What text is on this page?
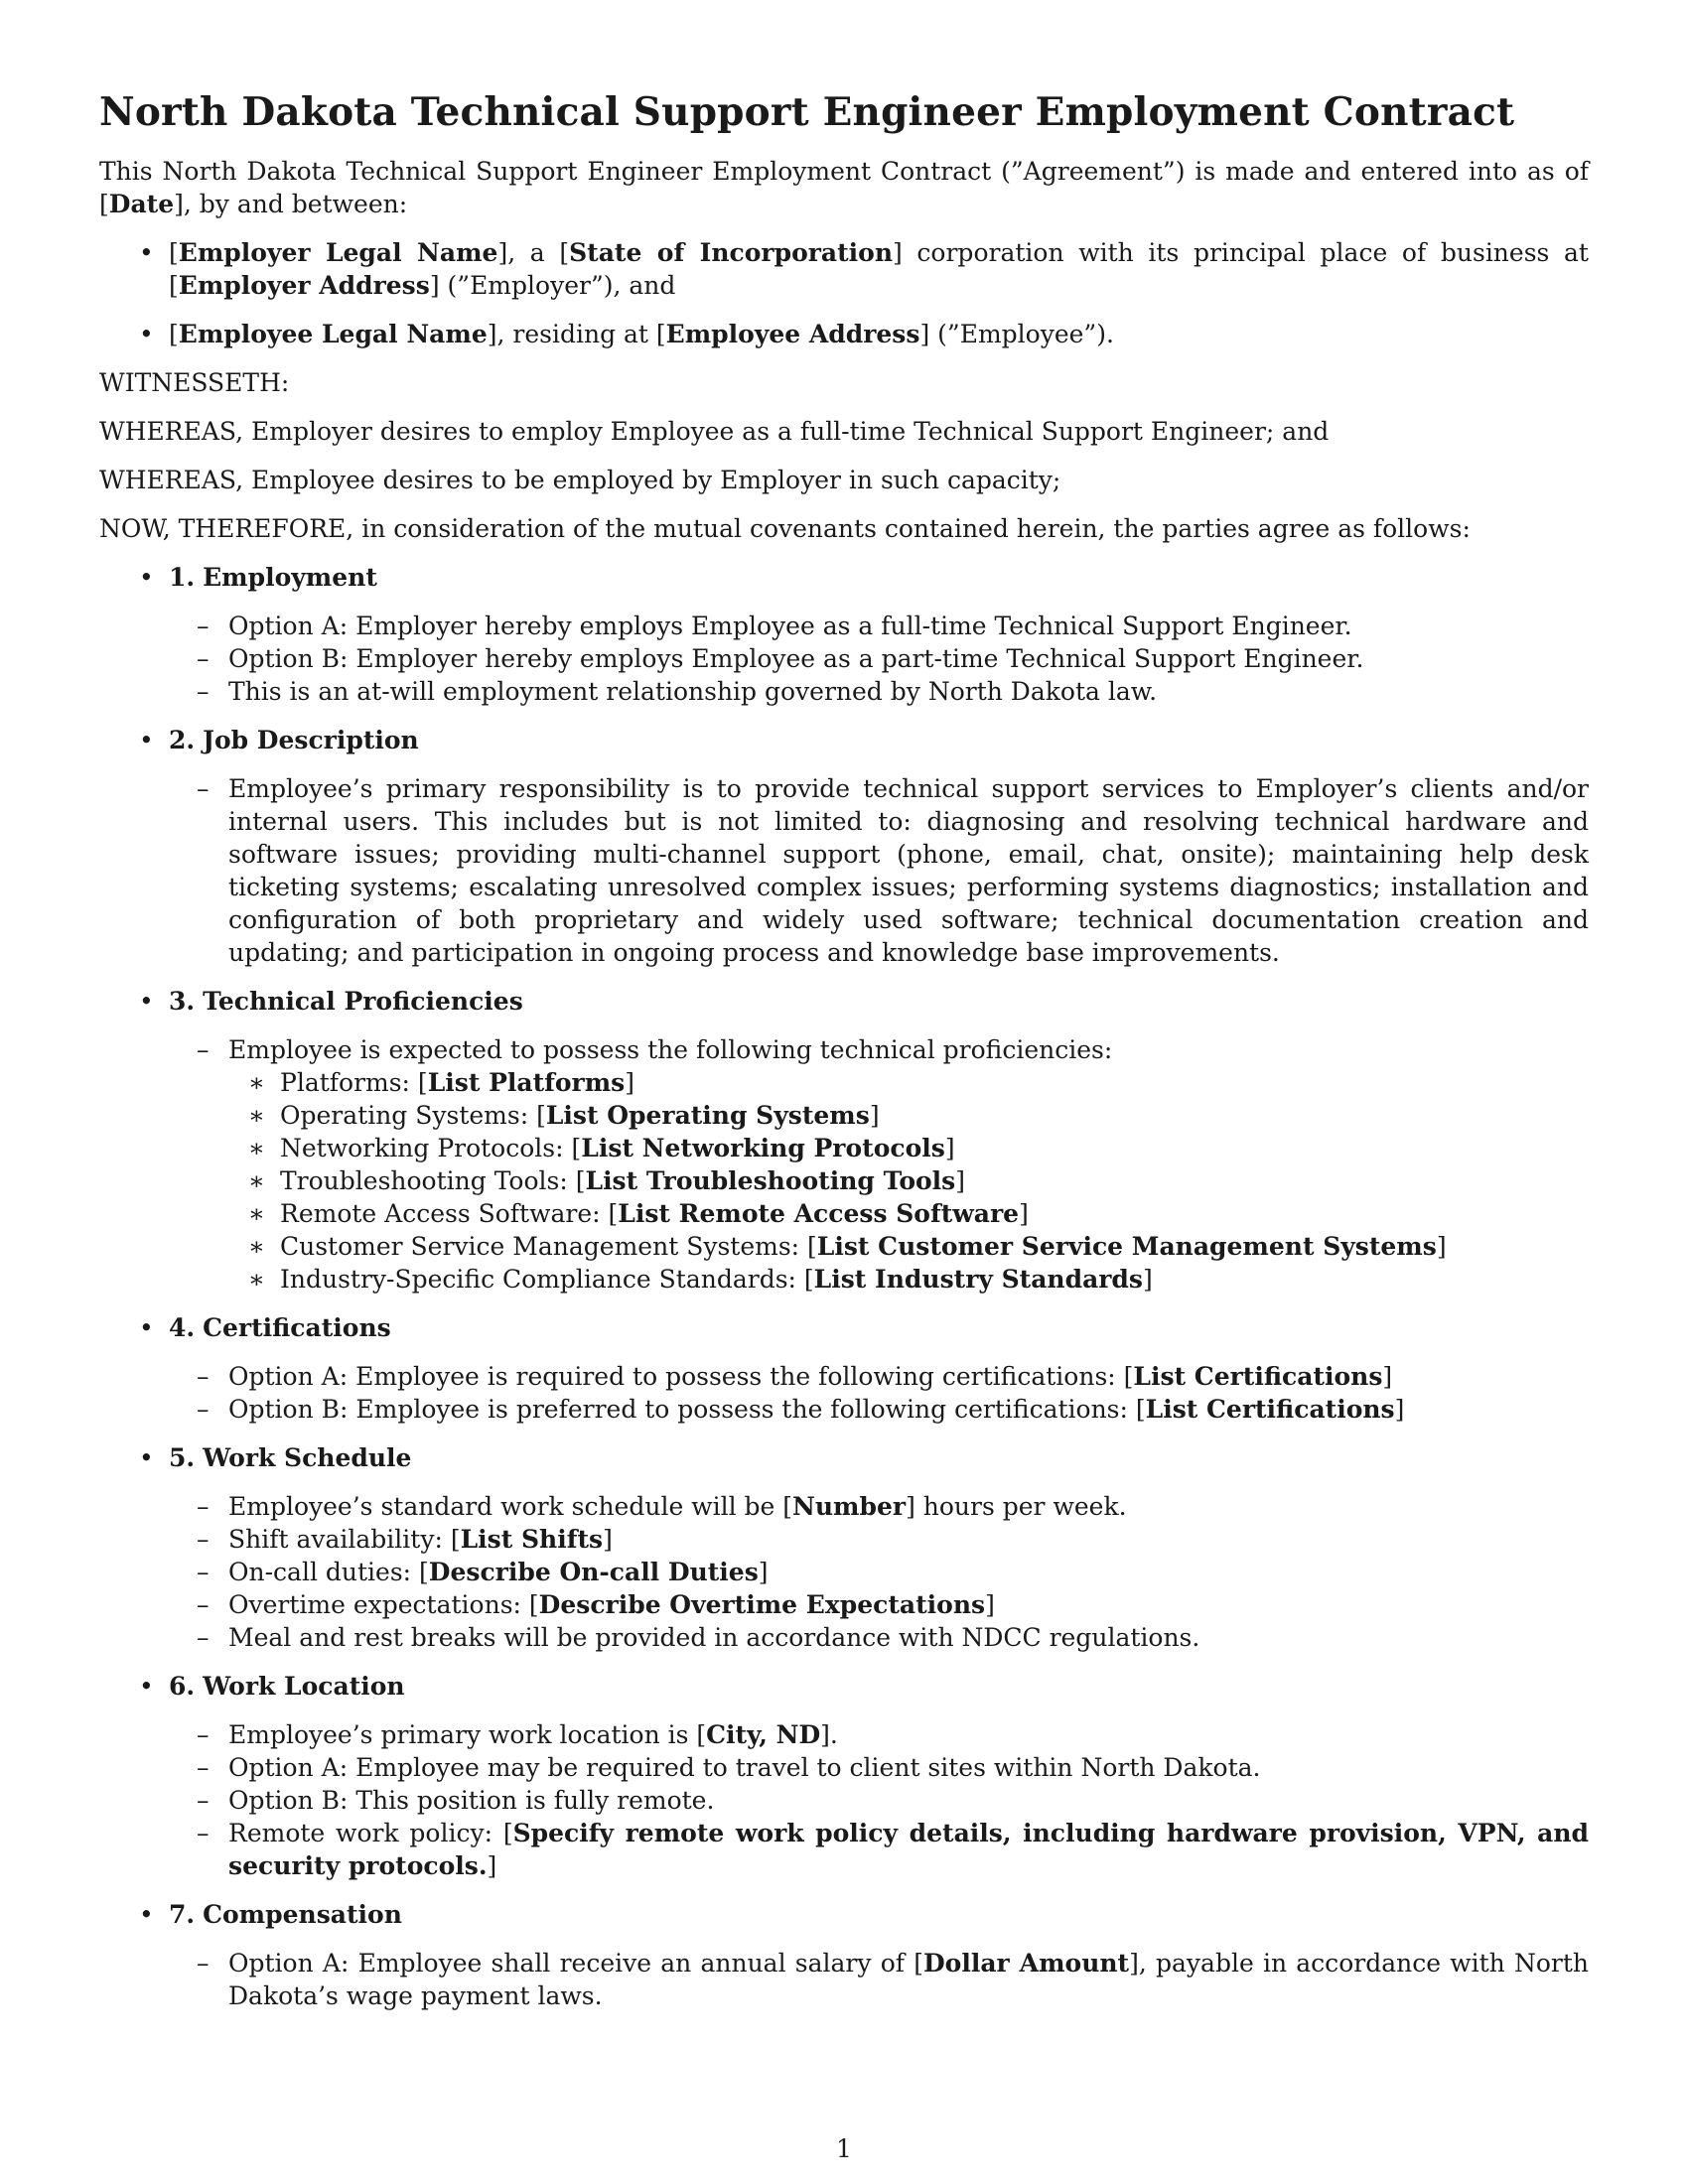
North Dakota Technical Support Engineer Employment Contract

This North Dakota Technical Support Engineer Employment Contract (”Agreement”) is made and entered into as of [Date], by and between:

• [Employer Legal Name], a [State of Incorporation] corporation with its principal place of business at [Employer Address] (”Employer”), and
• [Employee Legal Name], residing at [Employee Address] (”Employee”).

WITNESSETH:

WHEREAS, Employer desires to employ Employee as a full-time Technical Support Engineer; and

WHEREAS, Employee desires to be employed by Employer in such capacity;

NOW, THEREFORE, in consideration of the mutual covenants contained herein, the parties agree as follows:

• 1. Employment
– Option A: Employer hereby employs Employee as a full-time Technical Support Engineer.
– Option B: Employer hereby employs Employee as a part-time Technical Support Engineer.
– This is an at-will employment relationship governed by North Dakota law.
• 2. Job Description
– Employee’s primary responsibility is to provide technical support services to Employer’s clients and/or internal users. This includes but is not limited to: diagnosing and resolving technical hardware and software issues; providing multi-channel support (phone, email, chat, onsite); maintaining help desk ticketing systems; escalating unresolved complex issues; performing systems diagnostics; installation and configuration of both proprietary and widely used software; technical documentation creation and updating; and participation in ongoing process and knowledge base improvements.
• 3. Technical Proficiencies
– Employee is expected to possess the following technical proficiencies:
∗ Platforms: [List Platforms]
∗ Operating Systems: [List Operating Systems]
∗ Networking Protocols: [List Networking Protocols]
∗ Troubleshooting Tools: [List Troubleshooting Tools]
∗ Remote Access Software: [List Remote Access Software]
∗ Customer Service Management Systems: [List Customer Service Management Systems]
∗ Industry-Specific Compliance Standards: [List Industry Standards]
• 4. Certifications
– Option A: Employee is required to possess the following certifications: [List Certifications]
– Option B: Employee is preferred to possess the following certifications: [List Certifications]
• 5. Work Schedule
– Employee’s standard work schedule will be [Number] hours per week.
– Shift availability: [List Shifts]
– On-call duties: [Describe On-call Duties]
– Overtime expectations: [Describe Overtime Expectations]
– Meal and rest breaks will be provided in accordance with NDCC regulations.
• 6. Work Location
– Employee’s primary work location is [City, ND].
– Option A: Employee may be required to travel to client sites within North Dakota.
– Option B: This position is fully remote.
– Remote work policy: [Specify remote work policy details, including hardware provision, VPN, and security protocols.]
• 7. Compensation
– Option A: Employee shall receive an annual salary of [Dollar Amount], payable in accordance with North Dakota’s wage payment laws.
1
